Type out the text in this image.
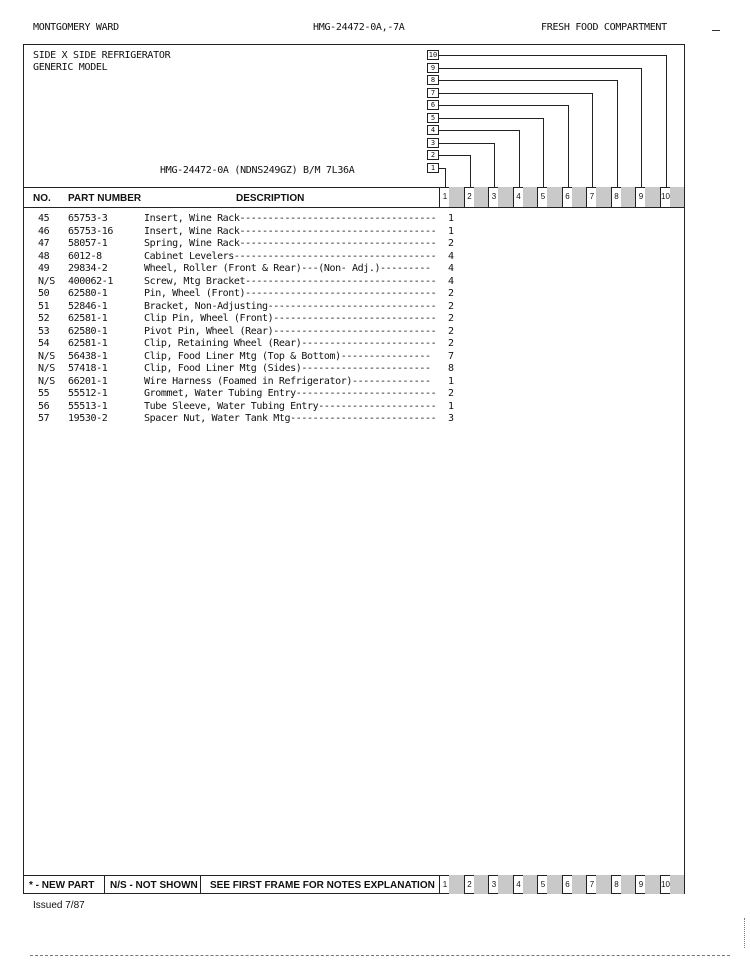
MONTGOMERY WARD	HMG-24472-0A,-7A	FRESH FOOD COMPARTMENT
SIDE X SIDE REFRIGERATOR
GENERIC MODEL
HMG-24472-0A (NDNS249GZ) B/M 7L36A
10
9
8
7
6
5
4
3
2
1
NO. PART NUMBER	DESCRIPTION	1	2	3	4	5	6	7	8	9	10
45 65753-3	Insert, Wine Rack----------------------------------- 1
46 65753-16	Insert, Wine Rack----------------------------------- 1
47 58057-1	Spring, Wine Rack----------------------------------- 2
48 6012-8	Cabinet Levelers------------------------------------ 4
49 29834-2	Wheel, Roller (Front & Rear)---(Non- Adj.)--------- 4
N/S 400062-1	Screw, Mtg Bracket---------------------------------- 4
50 62580-1	Pin, Wheel (Front)---------------------------------- 2
51 52846-1	Bracket, Non-Adjusting------------------------------ 2
52 62581-1	Clip Pin, Wheel (Front)----------------------------- 2
53 62580-1	Pivot Pin, Wheel (Rear)----------------------------- 2
54 62581-1	Clip, Retaining Wheel (Rear)------------------------ 2
N/S 56438-1	Clip, Food Liner Mtg (Top & Bottom)---------------- 7
N/S 57418-1	Clip, Food Liner Mtg (Sides)----------------------- 8
N/S 66201-1	Wire Harness (Foamed in Refrigerator)-------------- 1
55 55512-1	Grommet, Water Tubing Entry------------------------- 2
56 55513-1	Tube Sleeve, Water Tubing Entry--------------------- 1
57 19530-2	Spacer Nut, Water Tank Mtg-------------------------- 3
* - NEW PART N/S - NOT SHOWN SEE FIRST FRAME FOR NOTES EXPLANATION 1	2	3	4	5	6	7	8	9	10
Issued 7/87
